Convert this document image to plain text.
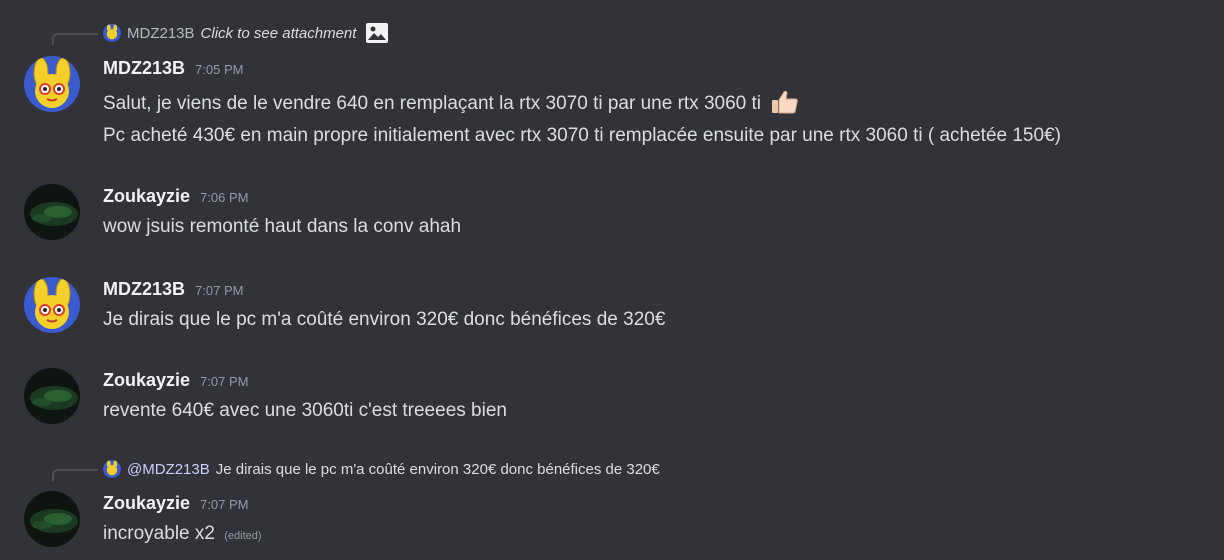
MDZ213B Click to see attachment
MDZ213B 7:05 PM
Salut, je viens de le vendre 640 en remplaçant la rtx 3070 ti par une rtx 3060 ti
Pc acheté 430€ en main propre initialement avec rtx 3070 ti remplacée ensuite par une rtx 3060 ti ( achetée 150€)
Zoukayzie 7:06 PM
wow jsuis remonté haut dans la conv ahah
MDZ213B 7:07 PM
Je dirais que le pc m'a coûté environ 320€ donc bénéfices de 320€
Zoukayzie 7:07 PM
revente 640€ avec une 3060ti c'est treeees bien
@MDZ213B Je dirais que le pc m'a coûté environ 320€ donc bénéfices de 320€
Zoukayzie 7:07 PM
incroyable x2 (edited)
